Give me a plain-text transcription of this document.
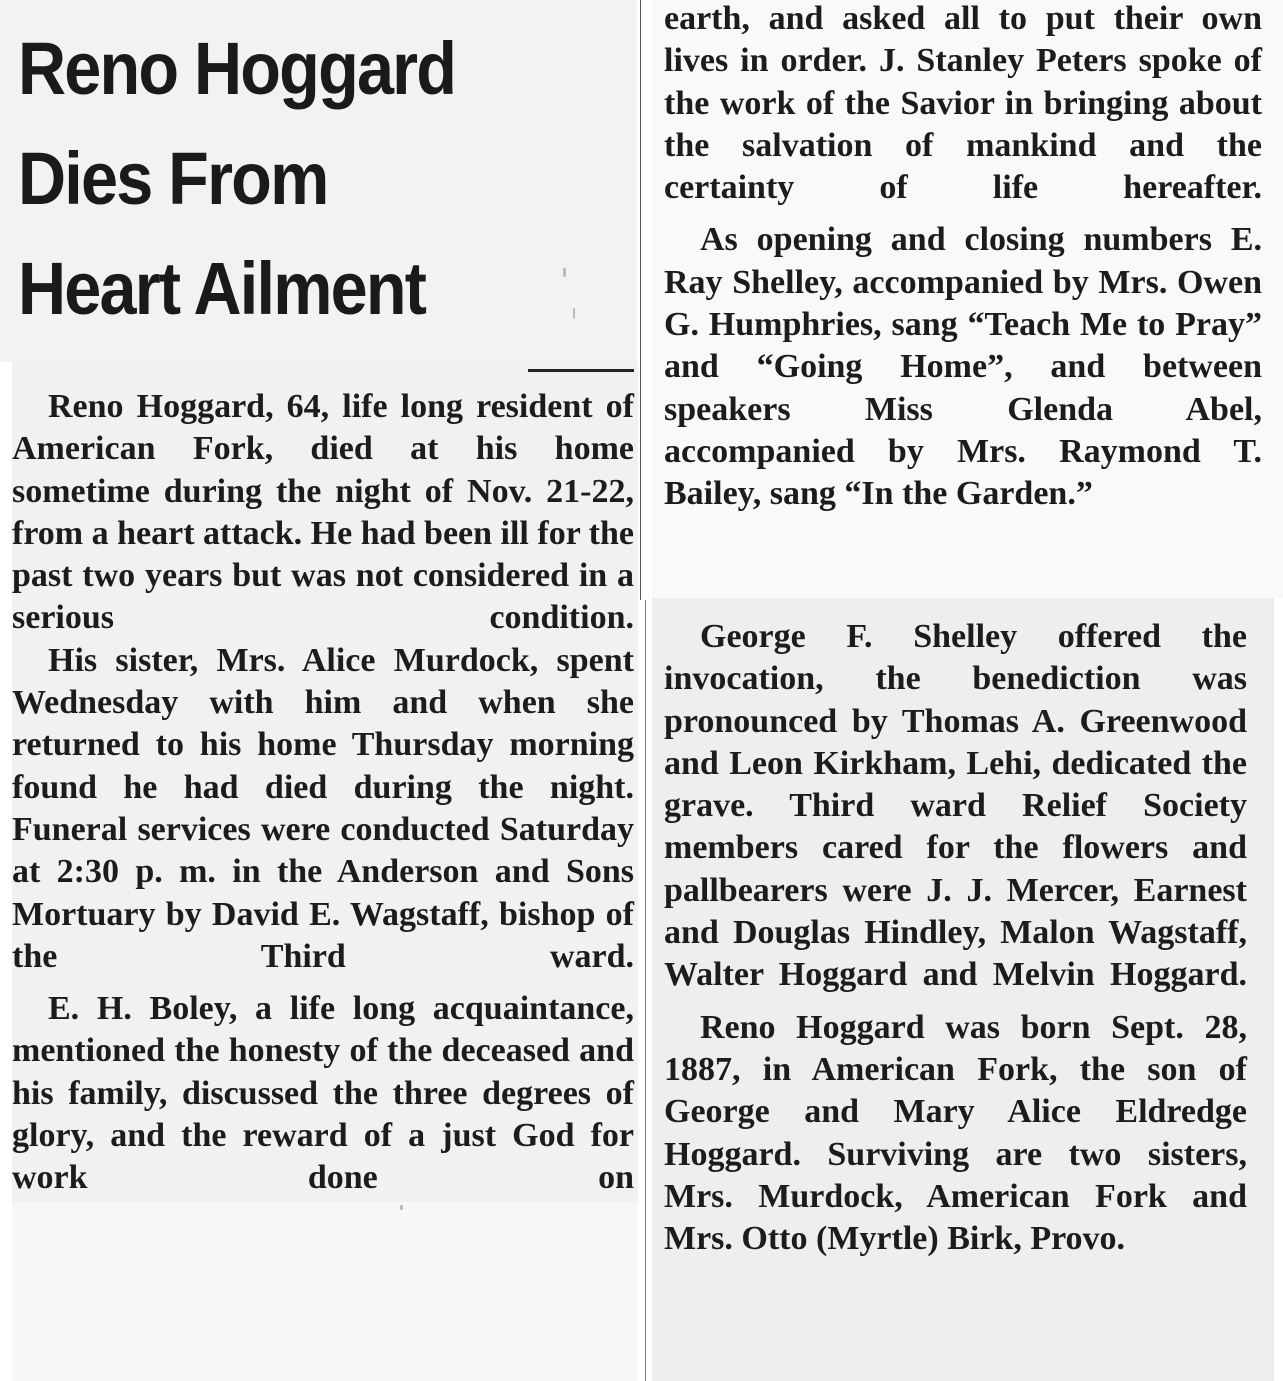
Reno Hoggard
Dies From
Heart Ailment

Reno Hoggard, 64, life long resident of American Fork, died at his home sometime during the night of Nov. 21-22, from a heart attack. He had been ill for the past two years but was not considered in a serious condition.

His sister, Mrs. Alice Murdock, spent Wednesday with him and when she returned to his home Thursday morning found he had died during the night. Funeral services were conducted Saturday at 2:30 p. m. in the Anderson and Sons Mortuary by David E. Wagstaff, bishop of the Third ward.

E. H. Boley, a life long acquaintance, mentioned the honesty of the deceased and his family, discussed the three degrees of glory, and the reward of a just God for work done on

earth, and asked all to put their own lives in order. J. Stanley Peters spoke of the work of the Savior in bringing about the salvation of mankind and the certainty of life hereafter.

As opening and closing numbers E. Ray Shelley, accompanied by Mrs. Owen G. Humphries, sang “Teach Me to Pray” and “Going Home”, and between speakers Miss Glenda Abel, accompanied by Mrs. Raymond T. Bailey, sang “In the Garden.”

George F. Shelley offered the invocation, the benediction was pronounced by Thomas A. Greenwood and Leon Kirkham, Lehi, dedicated the grave. Third ward Relief Society members cared for the flowers and pallbearers were J. J. Mercer, Earnest and Douglas Hindley, Malon Wagstaff, Walter Hoggard and Melvin Hoggard.

Reno Hoggard was born Sept. 28, 1887, in American Fork, the son of George and Mary Alice Eldredge Hoggard. Surviving are two sisters, Mrs. Murdock, American Fork and Mrs. Otto (Myrtle) Birk, Provo.
